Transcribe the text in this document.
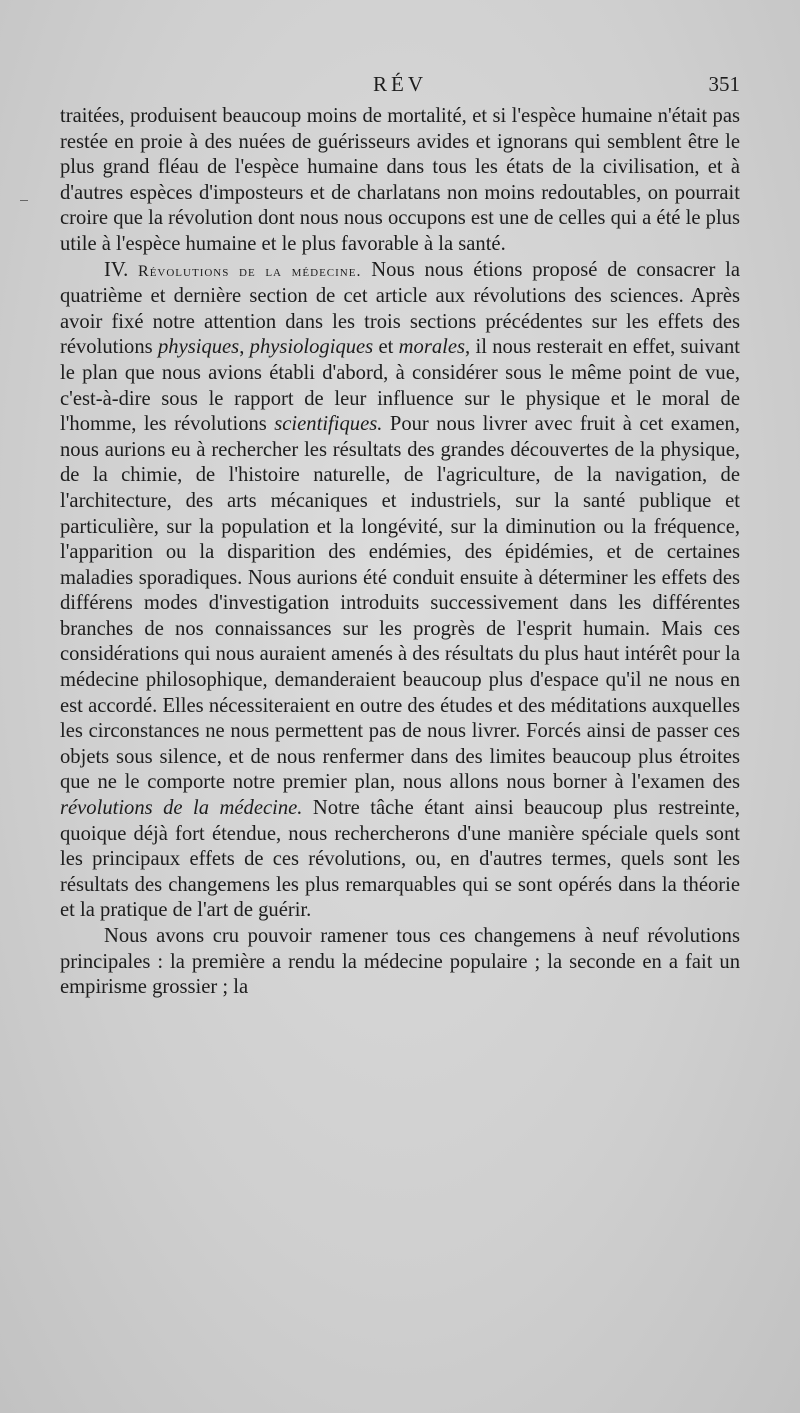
RÉV	351

traitées, produisent beaucoup moins de mortalité, et si l'espèce humaine n'était pas restée en proie à des nuées de guérisseurs avides et ignorans qui semblent être le plus grand fléau de l'espèce humaine dans tous les états de la civilisation, et à d'autres espèces d'imposteurs et de charlatans non moins redoutables, on pourrait croire que la révolution dont nous nous occupons est une de celles qui a été le plus utile à l'espèce humaine et le plus favorable à la santé.

IV. Révolutions de la médecine. Nous nous étions proposé de consacrer la quatrième et dernière section de cet article aux révolutions des sciences. Après avoir fixé notre attention dans les trois sections précédentes sur les effets des révolutions physiques, physiologiques et morales, il nous resterait en effet, suivant le plan que nous avions établi d'abord, à considérer sous le même point de vue, c'est-à-dire sous le rapport de leur influence sur le physique et le moral de l'homme, les révolutions scientifiques. Pour nous livrer avec fruit à cet examen, nous aurions eu à rechercher les résultats des grandes découvertes de la physique, de la chimie, de l'histoire naturelle, de l'agriculture, de la navigation, de l'architecture, des arts mécaniques et industriels, sur la santé publique et particulière, sur la population et la longévité, sur la diminution ou la fréquence, l'apparition ou la disparition des endémies, des épidémies, et de certaines maladies sporadiques. Nous aurions été conduit ensuite à déterminer les effets des différens modes d'investigation introduits successivement dans les différentes branches de nos connaissances sur les progrès de l'esprit humain. Mais ces considérations qui nous auraient amenés à des résultats du plus haut intérêt pour la médecine philosophique, demanderaient beaucoup plus d'espace qu'il ne nous en est accordé. Elles nécessiteraient en outre des études et des méditations auxquelles les circonstances ne nous permettent pas de nous livrer. Forcés ainsi de passer ces objets sous silence, et de nous renfermer dans des limites beaucoup plus étroites que ne le comporte notre premier plan, nous allons nous borner à l'examen des révolutions de la médecine. Notre tâche étant ainsi beaucoup plus restreinte, quoique déjà fort étendue, nous rechercherons d'une manière spéciale quels sont les principaux effets de ces révolutions, ou, en d'autres termes, quels sont les résultats des changemens les plus remarquables qui se sont opérés dans la théorie et la pratique de l'art de guérir.

Nous avons cru pouvoir ramener tous ces changemens à neuf révolutions principales : la première a rendu la médecine populaire ; la seconde en a fait un empirisme grossier ; la
